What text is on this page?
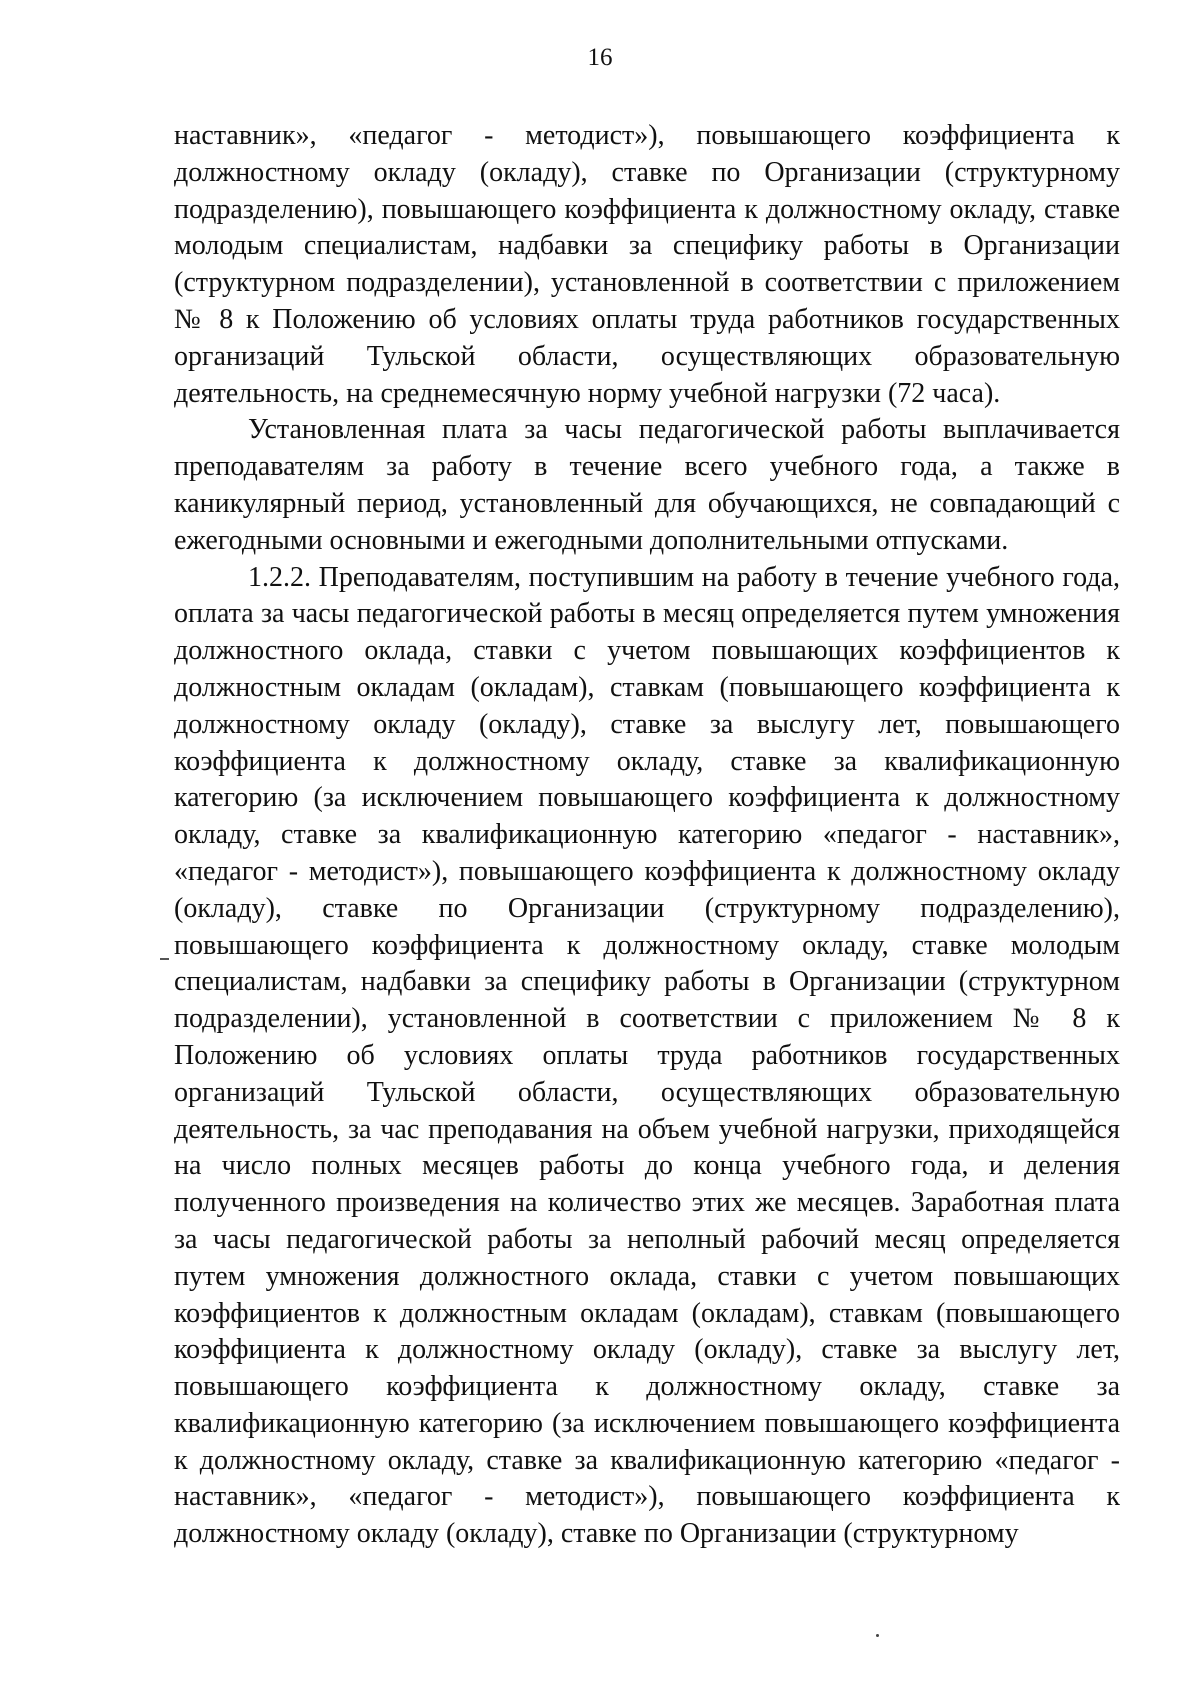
16

наставник», «педагог - методист»), повышающего коэффициента к должностному окладу (окладу), ставке по Организации (структурному подразделению), повышающего коэффициента к должностному окладу, ставке молодым специалистам, надбавки за специфику работы в Организации (структурном подразделении), установленной в соответствии с приложением № 8 к Положению об условиях оплаты труда работников государственных организаций Тульской области, осуществляющих образовательную деятельность, на среднемесячную норму учебной нагрузки (72 часа).

Установленная плата за часы педагогической работы выплачивается преподавателям за работу в течение всего учебного года, а также в каникулярный период, установленный для обучающихся, не совпадающий с ежегодными основными и ежегодными дополнительными отпусками.

1.2.2. Преподавателям, поступившим на работу в течение учебного года, оплата за часы педагогической работы в месяц определяется путем умножения должностного оклада, ставки с учетом повышающих коэффициентов к должностным окладам (окладам), ставкам (повышающего коэффициента к должностному окладу (окладу), ставке за выслугу лет, повышающего коэффициента к должностному окладу, ставке за квалификационную категорию (за исключением повышающего коэффициента к должностному окладу, ставке за квалификационную категорию «педагог - наставник», «педагог - методист»), повышающего коэффициента к должностному окладу (окладу), ставке по Организации (структурному подразделению), повышающего коэффициента к должностному окладу, ставке молодым специалистам, надбавки за специфику работы в Организации (структурном подразделении), установленной в соответствии с приложением № 8 к Положению об условиях оплаты труда работников государственных организаций Тульской области, осуществляющих образовательную деятельность, за час преподавания на объем учебной нагрузки, приходящейся на число полных месяцев работы до конца учебного года, и деления полученного произведения на количество этих же месяцев. Заработная плата за часы педагогической работы за неполный рабочий месяц определяется путем умножения должностного оклада, ставки с учетом повышающих коэффициентов к должностным окладам (окладам), ставкам (повышающего коэффициента к должностному окладу (окладу), ставке за выслугу лет, повышающего коэффициента к должностному окладу, ставке за квалификационную категорию (за исключением повышающего коэффициента к должностному окладу, ставке за квалификационную категорию «педагог - наставник», «педагог - методист»), повышающего коэффициента к должностному окладу (окладу), ставке по Организации (структурному
